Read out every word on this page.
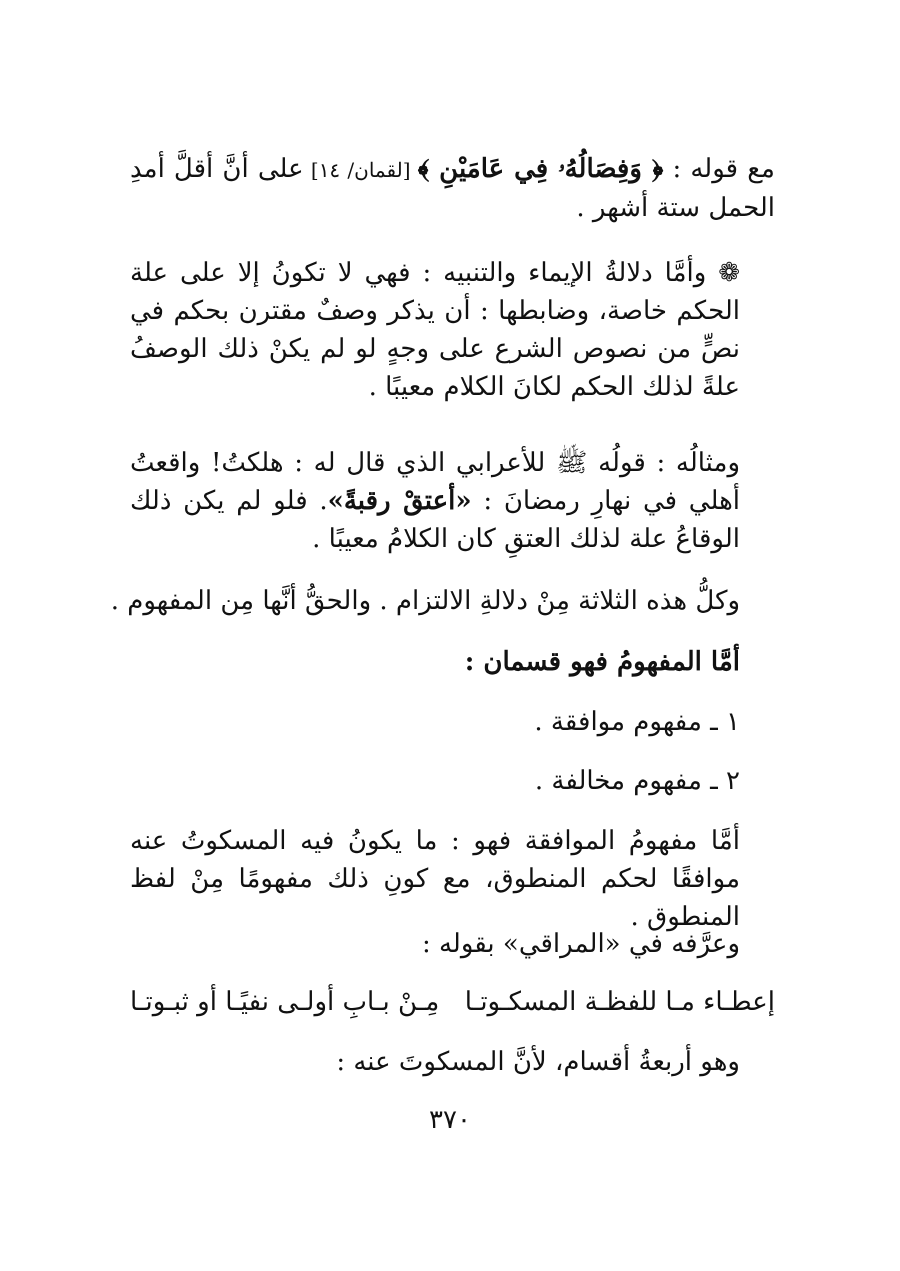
مع قوله : ﴿ وَفِصَالُهُۥ فِي عَامَيْنِ ﴾ [لقمان/ ١٤] على أنَّ أقلَّ أمدِ الحمل ستة أشهر .
❁ وأمَّا دلالةُ الإيماء والتنبيه : فهي لا تكونُ إلا على علة الحكم خاصة، وضابطها : أن يذكر وصفٌ مقترن بحكم في نصٍّ من نصوص الشرع على وجهٍ لو لم يكنْ ذلك الوصفُ علةً لذلك الحكم لكانَ الكلام معيبًا .
ومثالُه : قولُه ﷺ للأعرابي الذي قال له : هلكتُ! واقعتُ أهلي في نهارِ رمضانَ : «أعتقْ رقبةً». فلو لم يكن ذلك الوقاعُ علة لذلك العتقِ كان الكلامُ معيبًا .
وكلُّ هذه الثلاثة مِنْ دلالةِ الالتزام . والحقُّ أنَّها مِن المفهوم .
أمَّا المفهومُ فهو قسمان :
١ ـ مفهوم موافقة .
٢ ـ مفهوم مخالفة .
أمَّا مفهومُ الموافقة فهو : ما يكونُ فيه المسكوتُ عنه موافقًا لحكم المنطوق، مع كونِ ذلك مفهومًا مِنْ لفظ المنطوق .
وعرَّفه في «المراقي» بقوله :
إعطـاء مـا للفظـة المسكـوتـا
مِـنْ بـابِ أولـى نفيًـا أو ثبـوتـا
وهو أربعةُ أقسام، لأنَّ المسكوتَ عنه :
٣٧٠
